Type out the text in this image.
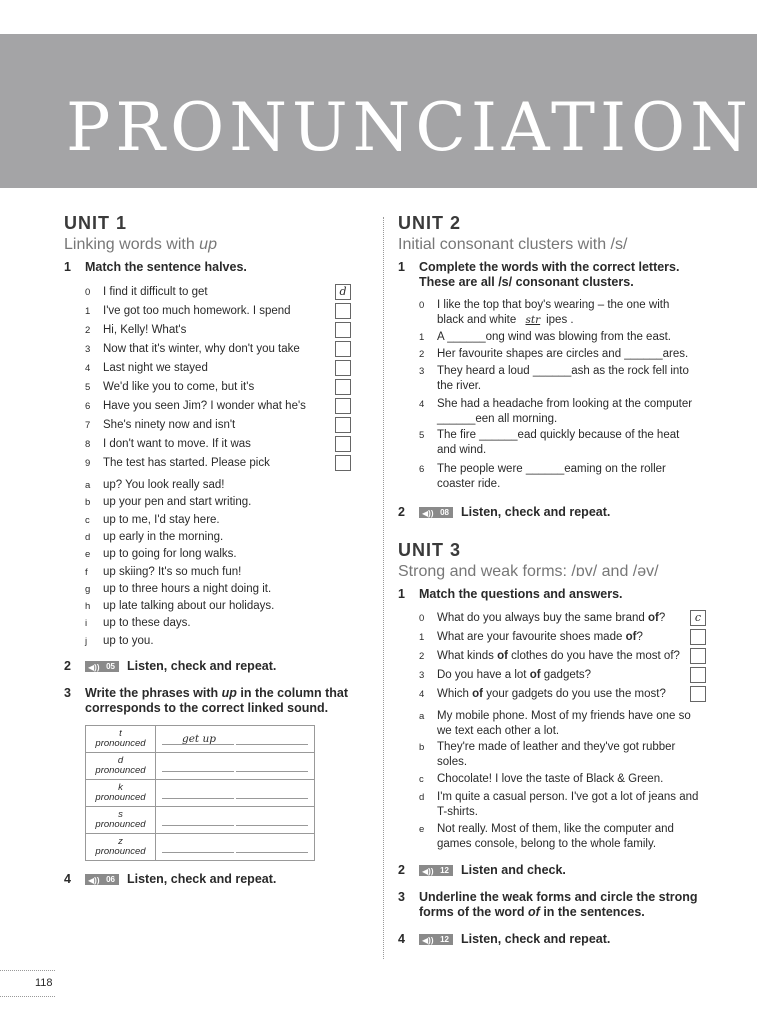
PRONUNCIATION
UNIT 1
Linking words with up
1	Match the sentence halves.
0 I find it difficult to get	d
1 I've got too much homework. I spend
2 Hi, Kelly! What's
3 Now that it's winter, why don't you take
4 Last night we stayed
5 We'd like you to come, but it's
6 Have you seen Jim? I wonder what he's
7 She's ninety now and isn't
8 I don't want to move. If it was
9 The test has started. Please pick
a up? You look really sad!
b up your pen and start writing.
c up to me, I'd stay here.
d up early in the morning.
e up to going for long walks.
f up skiing? It's so much fun!
g up to three hours a night doing it.
h up late talking about our holidays.
i up to these days.
j up to you.
2	◀)) 05 Listen, check and repeat.
3	Write the phrases with up in the column that
corresponds to the correct linked sound.
t
pronounced	get up

d
pronounced	

k
pronounced	

s
pronounced	

z
pronounced	
4	◀)) 06 Listen, check and repeat.
UNIT 2
Initial consonant clusters with /s/
1	Complete the words with the correct letters.
These are all /s/ consonant clusters.
0 I like the top that boy's wearing – the one with
black and white str ipes .
1 A ______ong wind was blowing from the east.
2 Her favourite shapes are circles and ______ares.
3 They heard a loud ______ash as the rock fell into
the river.
4 She had a headache from looking at the computer
______een all morning.
5 The fire ______ead quickly because of the heat
and wind.
6 The people were ______eaming on the roller
coaster ride.
2	◀)) 08 Listen, check and repeat.
UNIT 3
Strong and weak forms: /ɒv/ and /əv/
1	Match the questions and answers.
0 What do you always buy the same brand of?	c
1 What are your favourite shoes made of?
2 What kinds of clothes do you have the most of?
3 Do you have a lot of gadgets?
4 Which of your gadgets do you use the most?
a My mobile phone. Most of my friends have one so
we text each other a lot.
b They're made of leather and they've got rubber
soles.
c Chocolate! I love the taste of Black & Green.
d I'm quite a casual person. I've got a lot of jeans and
T-shirts.
e Not really. Most of them, like the computer and
games console, belong to the whole family.
2	◀)) 12 Listen and check.
3	Underline the weak forms and circle the strong
forms of the word of in the sentences.
4	◀)) 12 Listen, check and repeat.
118
